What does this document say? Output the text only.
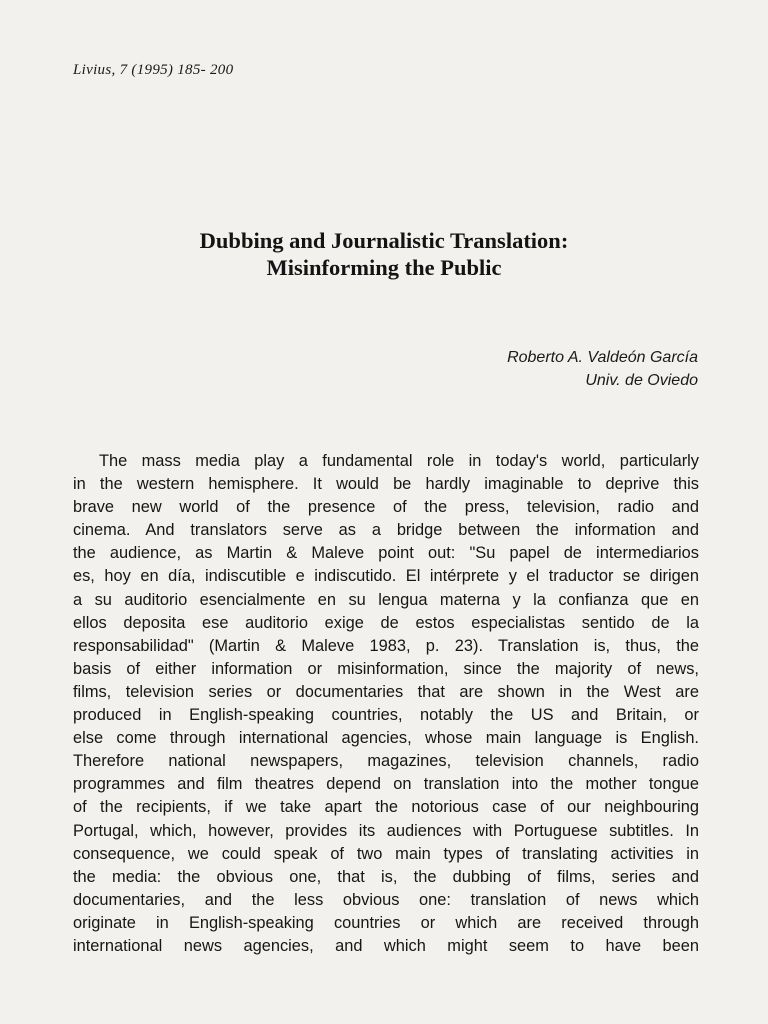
Livius, 7 (1995) 185- 200
Dubbing and Journalistic Translation:
Misinforming the Public
Roberto A. Valdeón García
Univ. de Oviedo
The mass media play a fundamental role in today's world, particularly
in the western hemisphere. It would be hardly imaginable to deprive this
brave new world of the presence of the press, television, radio and
cinema. And translators serve as a bridge between the information and
the audience, as Martin & Maleve point out: "Su papel de intermediarios
es, hoy en día, indiscutible e indiscutido. El intérprete y el traductor se dirigen
a su auditorio esencialmente en su lengua materna y la confianza que en
ellos deposita ese auditorio exige de estos especialistas sentido de la
responsabilidad" (Martin & Maleve 1983, p. 23). Translation is, thus, the
basis of either information or misinformation, since the majority of news,
films, television series or documentaries that are shown in the West are
produced in English-speaking countries, notably the US and Britain, or
else come through international agencies, whose main language is English.
Therefore national newspapers, magazines, television channels, radio
programmes and film theatres depend on translation into the mother tongue
of the recipients, if we take apart the notorious case of our neighbouring
Portugal, which, however, provides its audiences with Portuguese subtitles. In
consequence, we could speak of two main types of translating activities in
the media: the obvious one, that is, the dubbing of films, series and
documentaries, and the less obvious one: translation of news which
originate in English-speaking countries or which are received through
international news agencies, and which might seem to have been
